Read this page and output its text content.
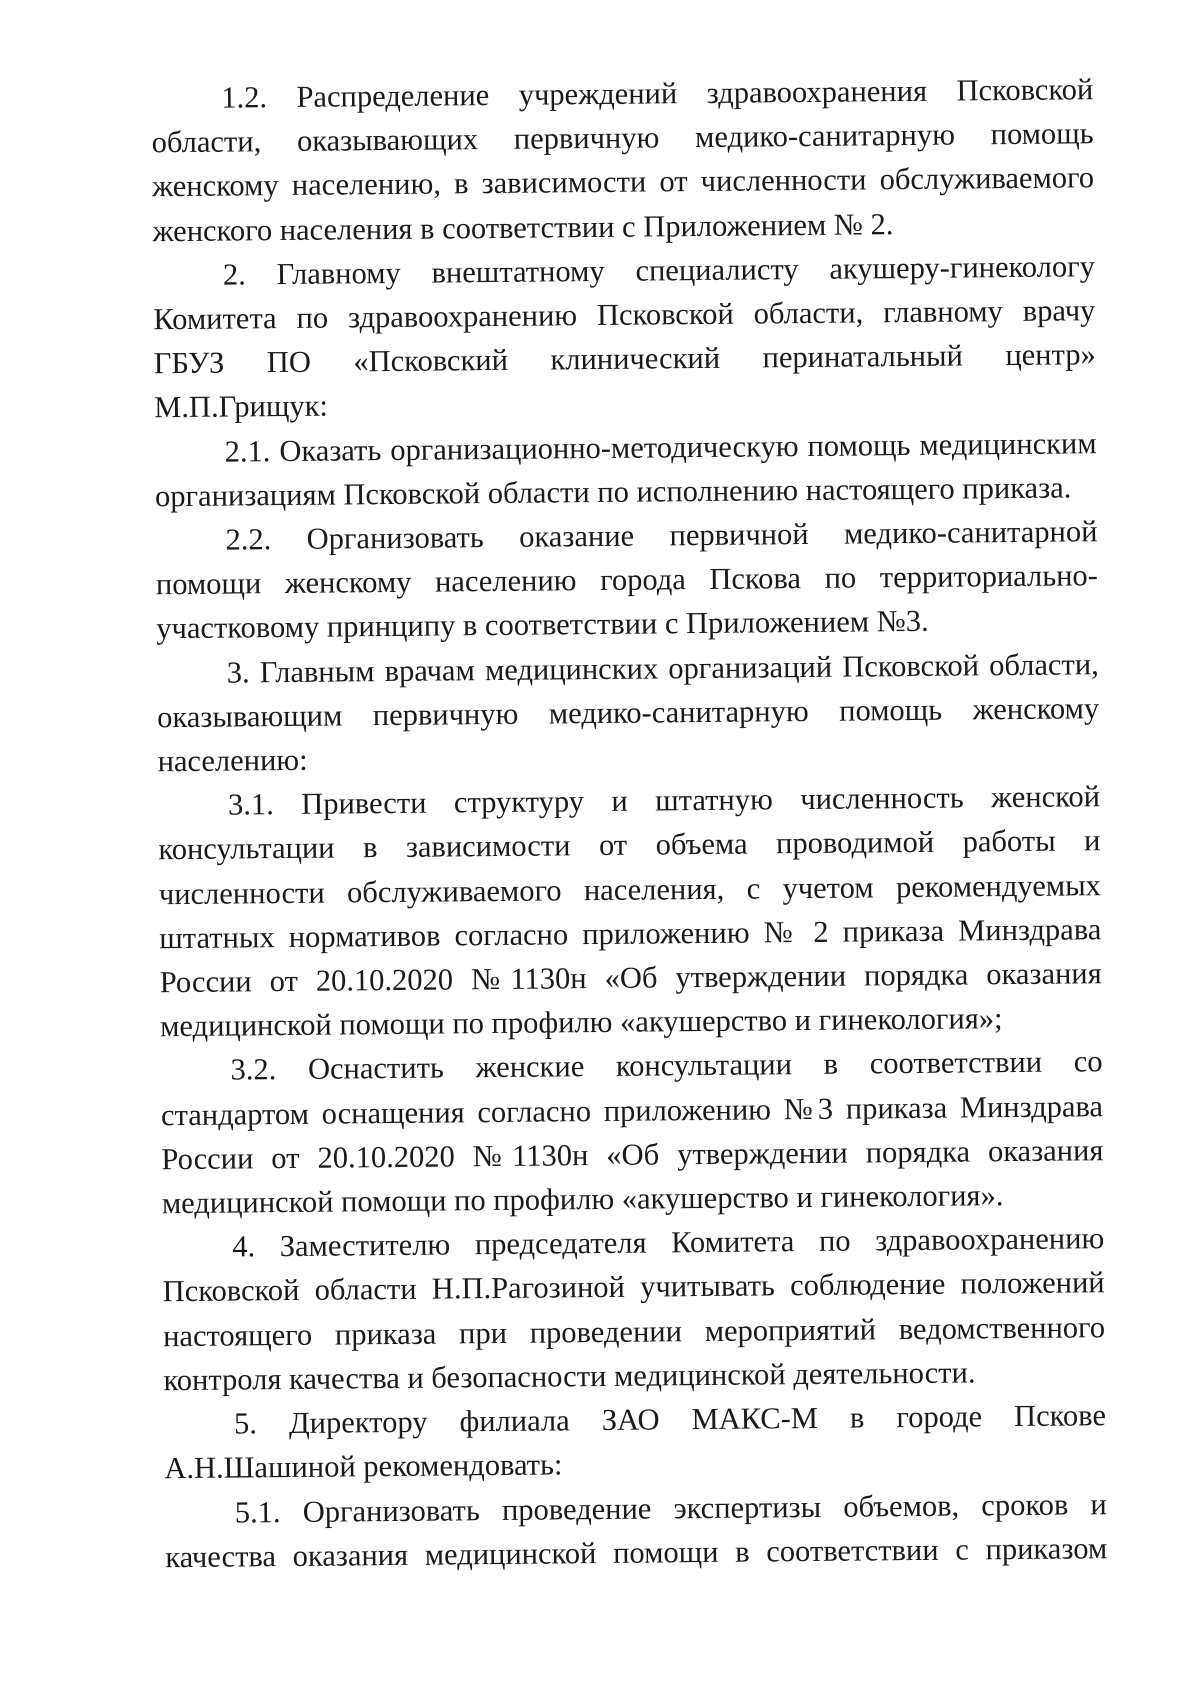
1.2. Распределение учреждений здравоохранения Псковской области, оказывающих первичную медико-санитарную помощь женскому населению, в зависимости от численности обслуживаемого женского населения в соответствии с Приложением № 2.

2. Главному внештатному специалисту акушеру-гинекологу Комитета по здравоохранению Псковской области, главному врачу ГБУЗ ПО «Псковский клинический перинатальный центр» М.П.Грищук:

2.1. Оказать организационно-методическую помощь медицинским организациям Псковской области по исполнению настоящего приказа.

2.2. Организовать оказание первичной медико-санитарной помощи женскому населению города Пскова по территориально-участковому принципу в соответствии с Приложением №3.

3. Главным врачам медицинских организаций Псковской области, оказывающим первичную медико-санитарную помощь женскому населению:

3.1. Привести структуру и штатную численность женской консультации в зависимости от объема проводимой работы и численности обслуживаемого населения, с учетом рекомендуемых штатных нормативов согласно приложению № 2 приказа Минздрава России от 20.10.2020 №1130н «Об утверждении порядка оказания медицинской помощи по профилю «акушерство и гинекология»;

3.2. Оснастить женские консультации в соответствии со стандартом оснащения согласно приложению №3 приказа Минздрава России от 20.10.2020 №1130н «Об утверждении порядка оказания медицинской помощи по профилю «акушерство и гинекология».

4. Заместителю председателя Комитета по здравоохранению Псковской области Н.П.Рагозиной учитывать соблюдение положений настоящего приказа при проведении мероприятий ведомственного контроля качества и безопасности медицинской деятельности.

5. Директору филиала ЗАО МАКС-М в городе Пскове А.Н.Шашиной рекомендовать:

5.1. Организовать проведение экспертизы объемов, сроков и качества оказания медицинской помощи в соответствии с приказом
